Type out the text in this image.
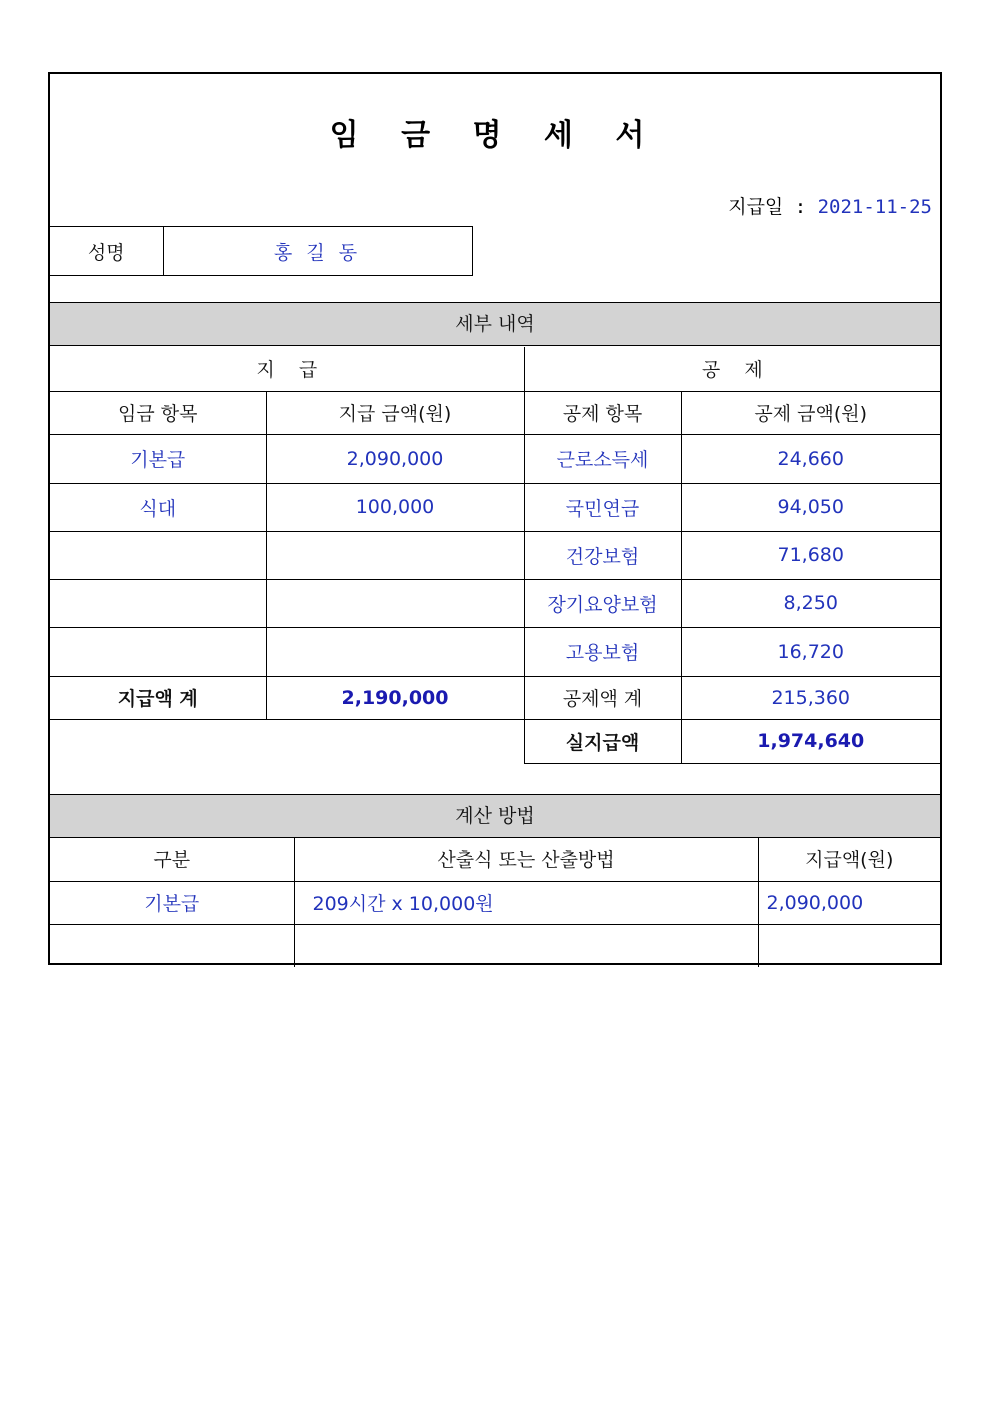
임 금 명 세 서
지급일 : 2021-11-25
성명	홍 길 동
세부 내역
지    급		공    제	
임금 항목	지급 금액(원)	공제 항목	공제 금액(원)
기본급	2,090,000	근로소득세	24,660
식대	100,000	국민연금	94,050
		건강보험	71,680
		장기요양보험	8,250
		고용보험	16,720
지급액 계	2,190,000	공제액 계	215,360
		실지급액	1,974,640
계산 방법
구분	산출식 또는 산출방법	지급액(원)
기본급	209시간 x 10,000원	2,090,000
